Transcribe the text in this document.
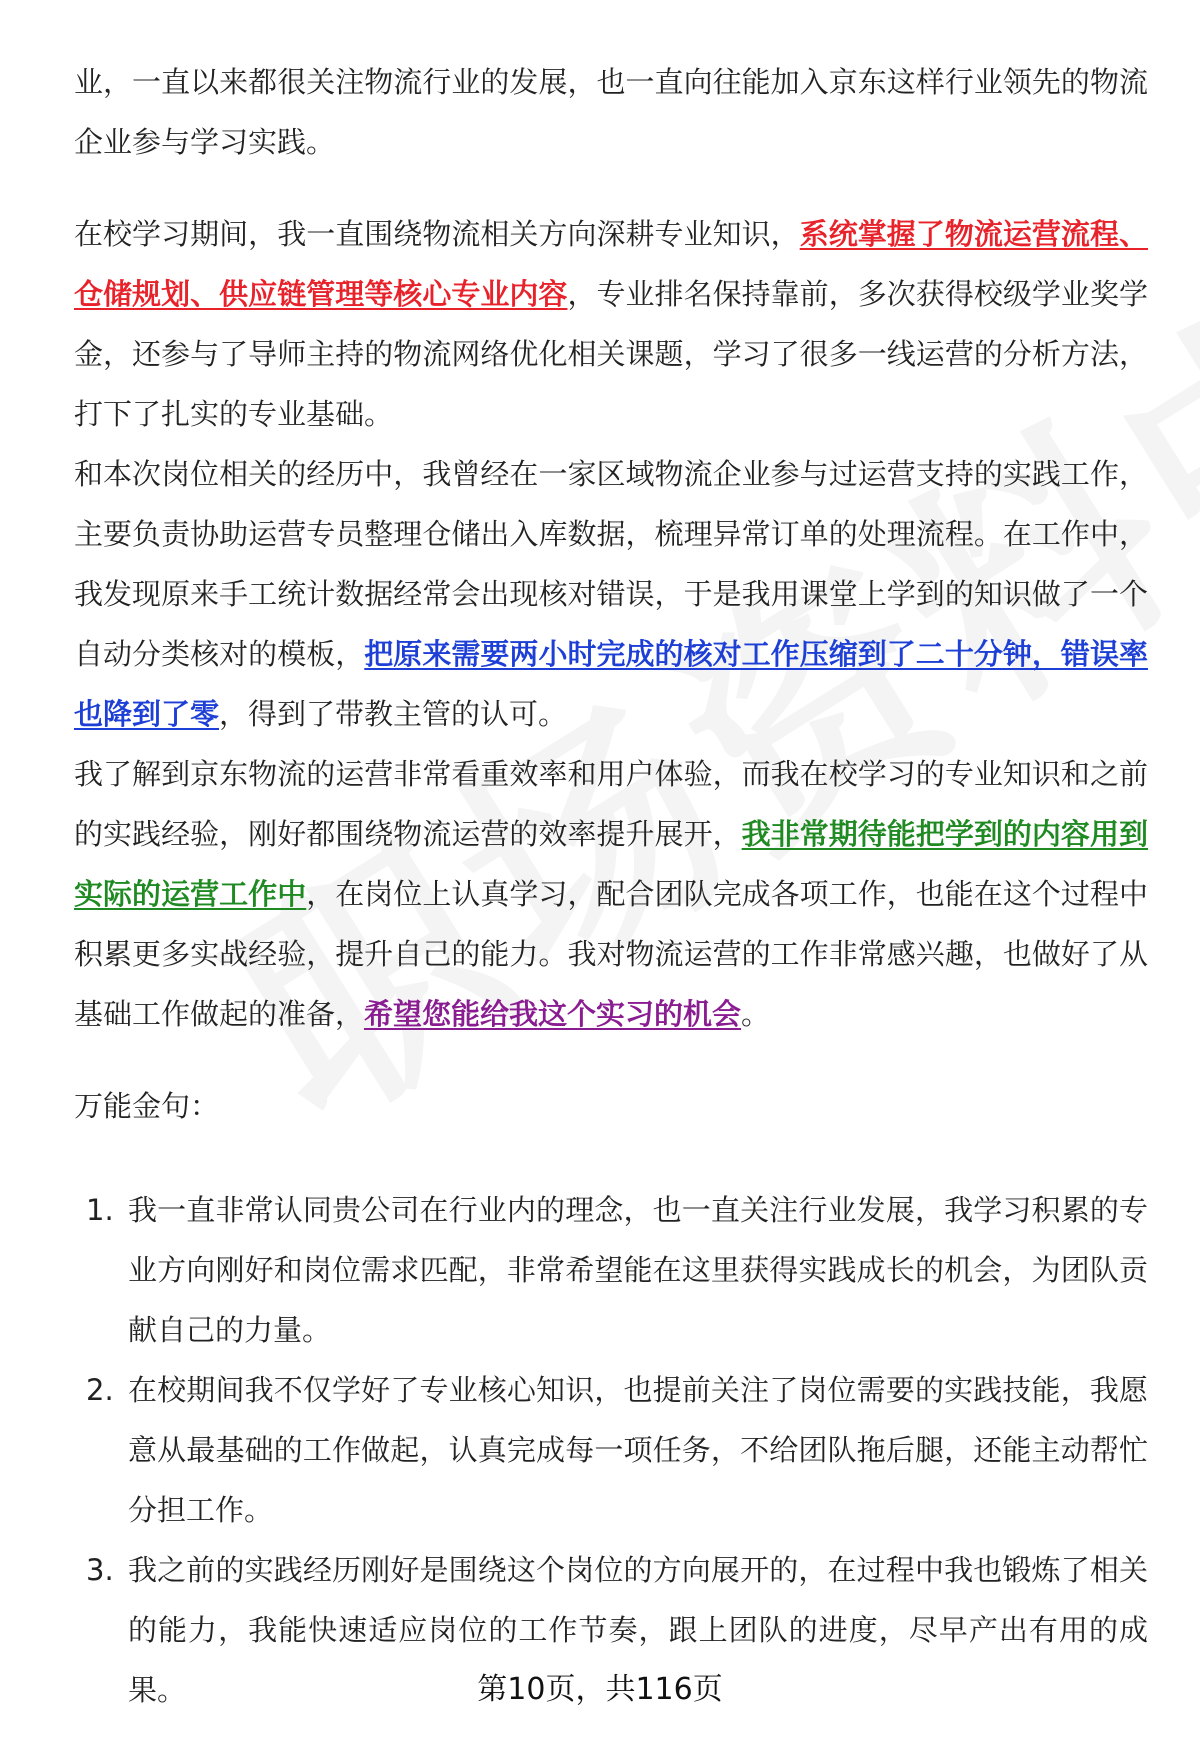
业，一直以来都很关注物流行业的发展，也一直向往能加入京东这样行业领先的物流企业参与学习实践。

在校学习期间，我一直围绕物流相关方向深耕专业知识，系统掌握了物流运营流程、仓储规划、供应链管理等核心专业内容，专业排名保持靠前，多次获得校级学业奖学金，还参与了导师主持的物流网络优化相关课题，学习了很多一线运营的分析方法，打下了扎实的专业基础。

和本次岗位相关的经历中，我曾经在一家区域物流企业参与过运营支持的实践工作，主要负责协助运营专员整理仓储出入库数据，梳理异常订单的处理流程。在工作中，我发现原来手工统计数据经常会出现核对错误，于是我用课堂上学到的知识做了一个自动分类核对的模板，把原来需要两小时完成的核对工作压缩到了二十分钟，错误率也降到了零，得到了带教主管的认可。

我了解到京东物流的运营非常看重效率和用户体验，而我在校学习的专业知识和之前的实践经验，刚好都围绕物流运营的效率提升展开，我非常期待能把学到的内容用到实际的运营工作中，在岗位上认真学习，配合团队完成各项工作，也能在这个过程中积累更多实战经验，提升自己的能力。我对物流运营的工作非常感兴趣，也做好了从基础工作做起的准备，希望您能给我这个实习的机会。

万能金句：

1. 我一直非常认同贵公司在行业内的理念，也一直关注行业发展，我学习积累的专业方向刚好和岗位需求匹配，非常希望能在这里获得实践成长的机会，为团队贡献自己的力量。
2. 在校期间我不仅学好了专业核心知识，也提前关注了岗位需要的实践技能，我愿意从最基础的工作做起，认真完成每一项任务，不给团队拖后腿，还能主动帮忙分担工作。
3. 我之前的实践经历刚好是围绕这个岗位的方向展开的，在过程中我也锻炼了相关的能力，我能快速适应岗位的工作节奏，跟上团队的进度，尽早产出有用的成果。	第10页，共116页
